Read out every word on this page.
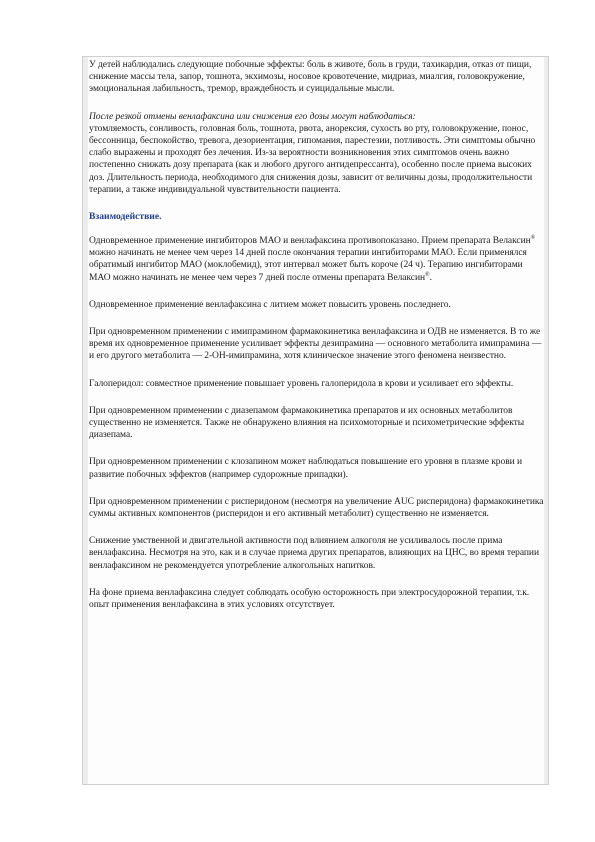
У детей наблюдались следующие побочные эффекты: боль в животе, боль в груди, тахикардия, отказ от пищи, снижение массы тела, запор, тошнота, экхимозы, носовое кровотечение, мидриаз, миалгия, головокружение, эмоциональная лабильность, тремор, враждебность и суицидальные мысли.

После резкой отмены венлафаксина или снижения его дозы могут наблюдаться:
утомляемость, сонливость, головная боль, тошнота, рвота, анорексия, сухость во рту, головокружение, понос, бессонница, беспокойство, тревога, дезориентация, гипомания, парестезии, потливость. Эти симптомы обычно слабо выражены и проходят без лечения. Из-за вероятности возникновения этих симптомов очень важно постепенно снижать дозу препарата (как и любого другого антидепрессанта), особенно после приема высоких доз. Длительность периода, необходимого для снижения дозы, зависит от величины дозы, продолжительности терапии, а также индивидуальной чувствительности пациента.

Взаимодействие.

Одновременное применение ингибиторов МАО и венлафаксина противопоказано. Прием препарата Велаксин® можно начинать не менее чем через 14 дней после окончания терапии ингибиторами МАО. Если применялся обратимый ингибитор МАО (моклобемид), этот интервал может быть короче (24 ч). Терапию ингибиторами МАО можно начинать не менее чем через 7 дней после отмены препарата Велаксин®.

Одновременное применение венлафаксина с литием может повысить уровень последнего.

При одновременном применении с имипрамином фармакокинетика венлафаксина и ОДВ не изменяется. В то же время их одновременное применение усиливает эффекты дезипрамина — основного метаболита имипрамина — и его другого метаболита — 2-ОН-имипрамина, хотя клиническое значение этого феномена неизвестно.

Галоперидол: совместное применение повышает уровень галоперидола в крови и усиливает его эффекты.

При одновременном применении с диазепамом фармакокинетика препаратов и их основных метаболитов существенно не изменяется. Также не обнаружено влияния на психомоторные и психометрические эффекты диазепама.

При одновременном применении с клозапином может наблюдаться повышение его уровня в плазме крови и развитие побочных эффектов (например судорожные припадки).

При одновременном применении с рисперидоном (несмотря на увеличение AUC рисперидона) фармакокинетика суммы активных компонентов (рисперидон и его активный метаболит) существенно не изменяется.

Снижение умственной и двигательной активности под влиянием алкоголя не усиливалось после прима венлафаксина. Несмотря на это, как и в случае приема других препаратов, влияющих на ЦНС, во время терапии венлафаксином не рекомендуется употребление алкогольных напитков.

На фоне приема венлафаксина следует соблюдать особую осторожность при электросудорожной терапии, т.к. опыт применения венлафаксина в этих условиях отсутствует.
